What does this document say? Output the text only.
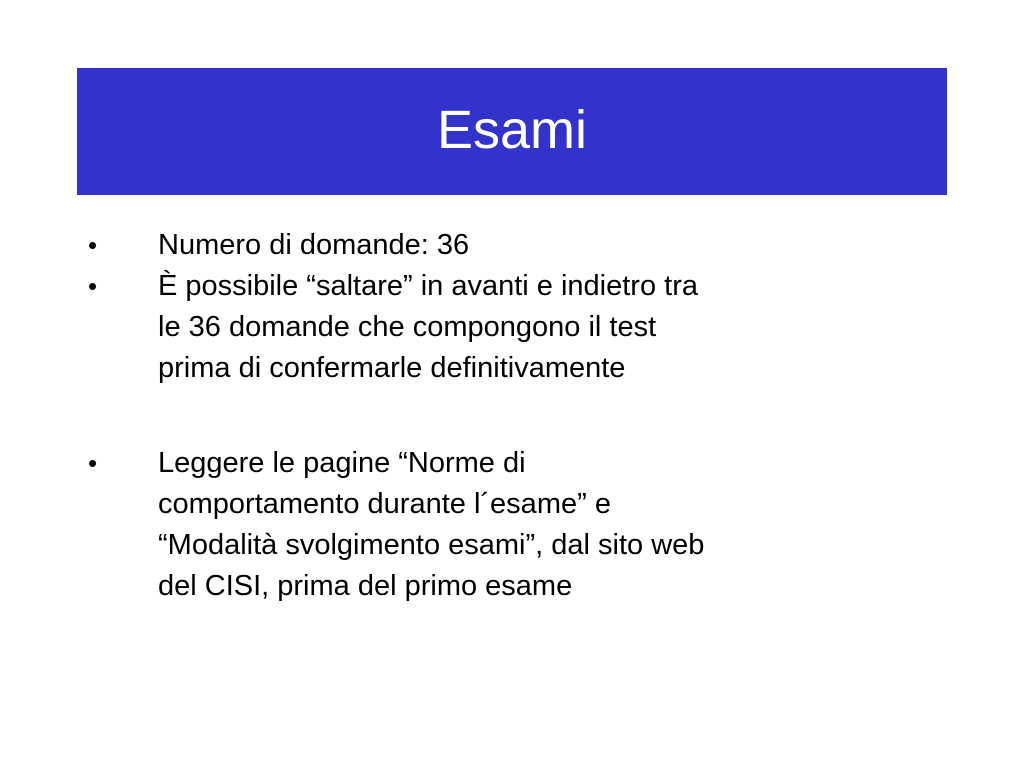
Esami
•	Numero di domande: 36
•	È possibile “saltare” in avanti e indietro tra
le 36 domande che compongono il test
prima di confermarle definitivamente
•	Leggere le pagine “Norme di
comportamento durante l´esame” e
“Modalità svolgimento esami”, dal sito web
del CISI, prima del primo esame
